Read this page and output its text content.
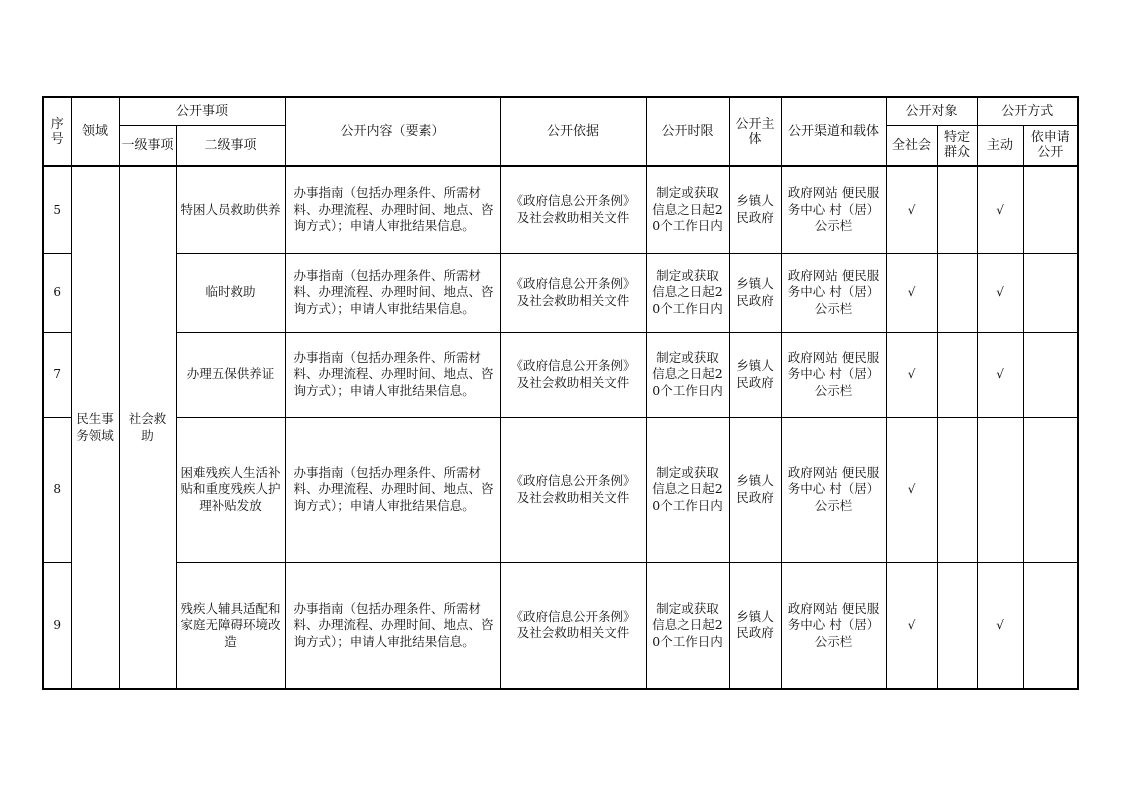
序号	领域	公开事项		公开内容（要素）	公开依据	公开时限	公开主体	公开渠道和载体	公开对象		公开方式	
		一级事项	二级事项						全社会	特定群众	主动	依申请公开
5	民生事务领域	社会救助	特困人员救助供养	办事指南（包括办理条件、所需材料、办理流程、办理时间、地点、咨询方式）；申请人审批结果信息。	《政府信息公开条例》及社会救助相关文件	制定或获取信息之日起20个工作日内	乡镇人民政府	政府网站 便民服务中心 村（居）公示栏	√		√	
6			临时救助	办事指南（包括办理条件、所需材料、办理流程、办理时间、地点、咨询方式）；申请人审批结果信息。	《政府信息公开条例》及社会救助相关文件	制定或获取信息之日起20个工作日内	乡镇人民政府	政府网站 便民服务中心 村（居）公示栏	√		√	
7			办理五保供养证	办事指南（包括办理条件、所需材料、办理流程、办理时间、地点、咨询方式）；申请人审批结果信息。	《政府信息公开条例》及社会救助相关文件	制定或获取信息之日起20个工作日内	乡镇人民政府	政府网站 便民服务中心 村（居）公示栏	√		√	
8			困难残疾人生活补贴和重度残疾人护理补贴发放	办事指南（包括办理条件、所需材料、办理流程、办理时间、地点、咨询方式）；申请人审批结果信息。	《政府信息公开条例》及社会救助相关文件	制定或获取信息之日起20个工作日内	乡镇人民政府	政府网站 便民服务中心 村（居）公示栏	√			
9			残疾人辅具适配和家庭无障碍环境改造	办事指南（包括办理条件、所需材料、办理流程、办理时间、地点、咨询方式）；申请人审批结果信息。	《政府信息公开条例》及社会救助相关文件	制定或获取信息之日起20个工作日内	乡镇人民政府	政府网站 便民服务中心 村（居）公示栏	√		√	
